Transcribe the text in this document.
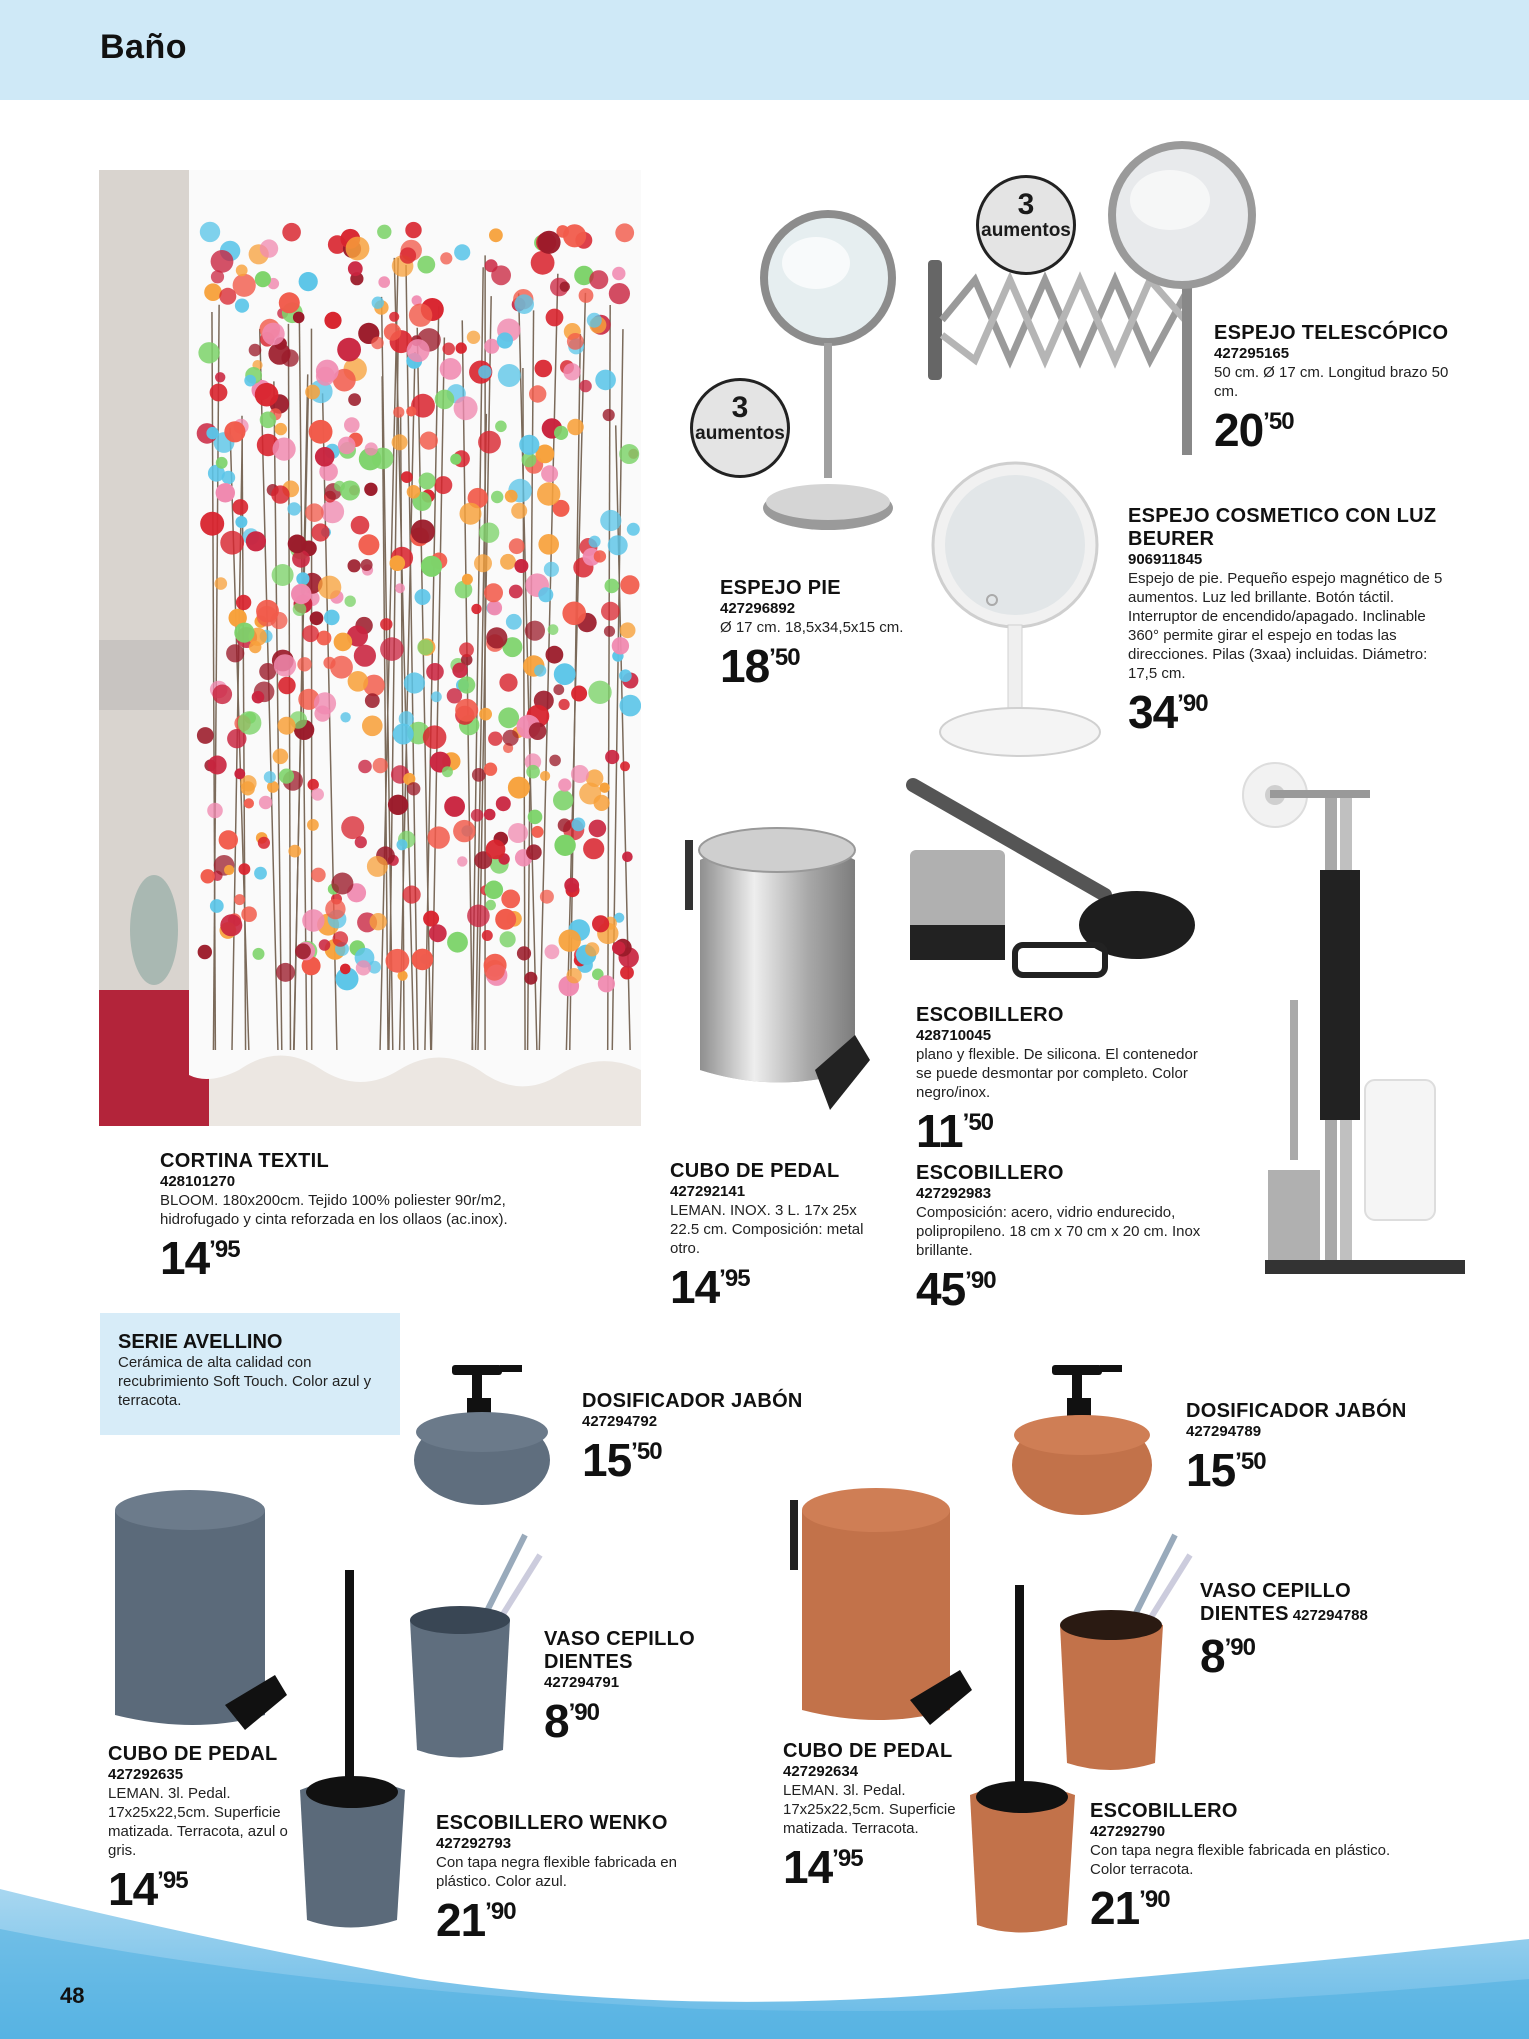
Baño
3
aumentos
3
aumentos
ESPEJO TELESCÓPICO
427295165
50 cm. Ø 17 cm. Longitud brazo 50 cm.
20’50
ESPEJO PIE
427296892
Ø 17 cm. 18,5x34,5x15 cm.
18’50
ESPEJO COSMETICO CON LUZ BEURER
906911845
Espejo de pie. Pequeño espejo magnético de 5 aumentos. Luz led brillante. Botón táctil. Interruptor de encendido/apagado. Inclinable 360° permite girar el espejo en todas las direcciones. Pilas (3xaa) incluidas. Diámetro: 17,5 cm.
34’90
CORTINA TEXTIL
428101270
BLOOM. 180x200cm. Tejido 100% poliester 90r/m2, hidrofugado y cinta reforzada en los ollaos (ac.inox).
14’95
CUBO DE PEDAL
427292141
LEMAN. INOX. 3 L. 17x 25x 22.5 cm. Composición: metal otro.
14’95
ESCOBILLERO
428710045
plano y flexible. De silicona. El contenedor se puede desmontar por completo. Color negro/inox.
11’50
ESCOBILLERO
427292983
Composición: acero, vidrio endurecido, polipropileno. 18 cm x 70 cm x 20 cm. Inox brillante.
45’90
SERIE AVELLINO
Cerámica de alta calidad con recubrimiento Soft Touch. Color azul y terracota.	DOSIFICADOR JABÓN
427294792
15’50
DOSIFICADOR JABÓN
427294789
15’50
VASO CEPILLO
DIENTES
427294791
8’90
VASO CEPILLO
DIENTES 427294788
8’90
CUBO DE PEDAL
427292635
LEMAN. 3l. Pedal. 17x25x22,5cm. Superficie matizada. Terracota, azul o gris.
14’95
CUBO DE PEDAL
427292634
LEMAN. 3l. Pedal. 17x25x22,5cm. Superficie matizada. Terracota.
14’95
ESCOBILLERO WENKO
427292793
Con tapa negra flexible fabricada en plástico. Color azul.
21’90
ESCOBILLERO
427292790
Con tapa negra flexible fabricada en plástico. Color terracota.
21’90
48
